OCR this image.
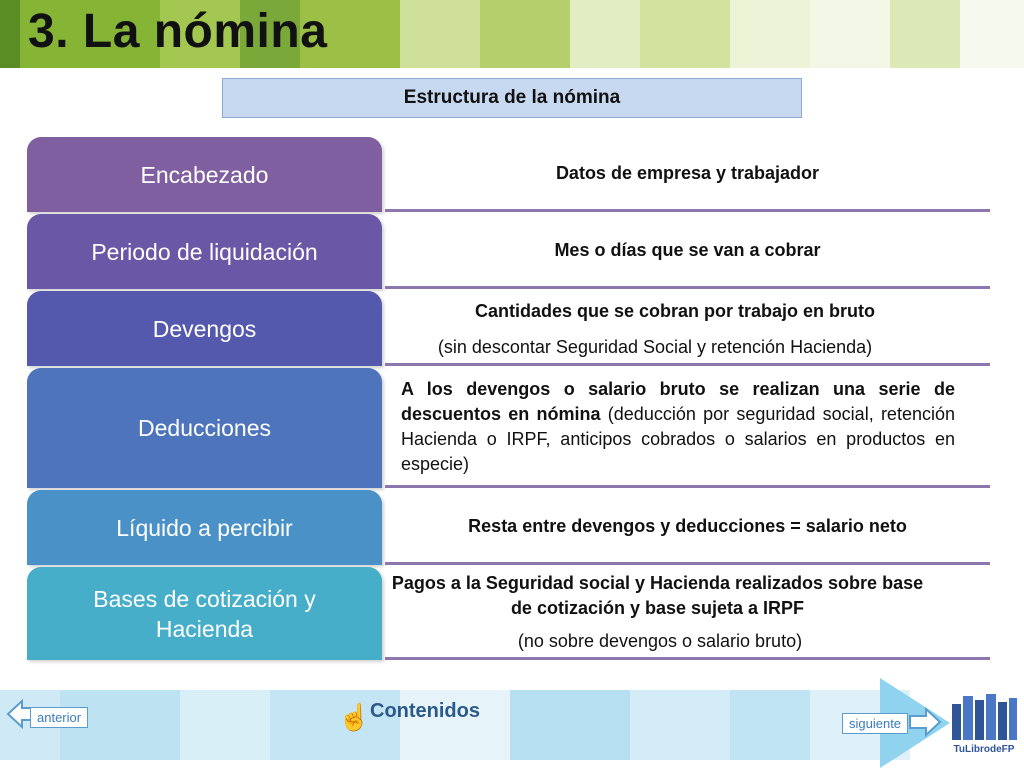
3. La nómina
Estructura de la nómina
Encabezado
Periodo de liquidación
Devengos
Deducciones
Líquido a percibir
Bases de cotización y
Hacienda
Datos de empresa y trabajador
Mes o días que se van a cobrar
Cantidades que se cobran por trabajo en bruto
(sin descontar Seguridad Social y retención Hacienda)
A los devengos o salario bruto se realizan una serie de descuentos en nómina (deducción por seguridad social, retención Hacienda o IRPF, anticipos cobrados o salarios en productos en especie)
Resta entre devengos y deducciones = salario neto
Pagos a la Seguridad social y Hacienda realizados sobre base de cotización y base sujeta a IRPF
(no sobre devengos o salario bruto)
anterior	☝ Contenidos
siguiente
TuLibrodeFP
